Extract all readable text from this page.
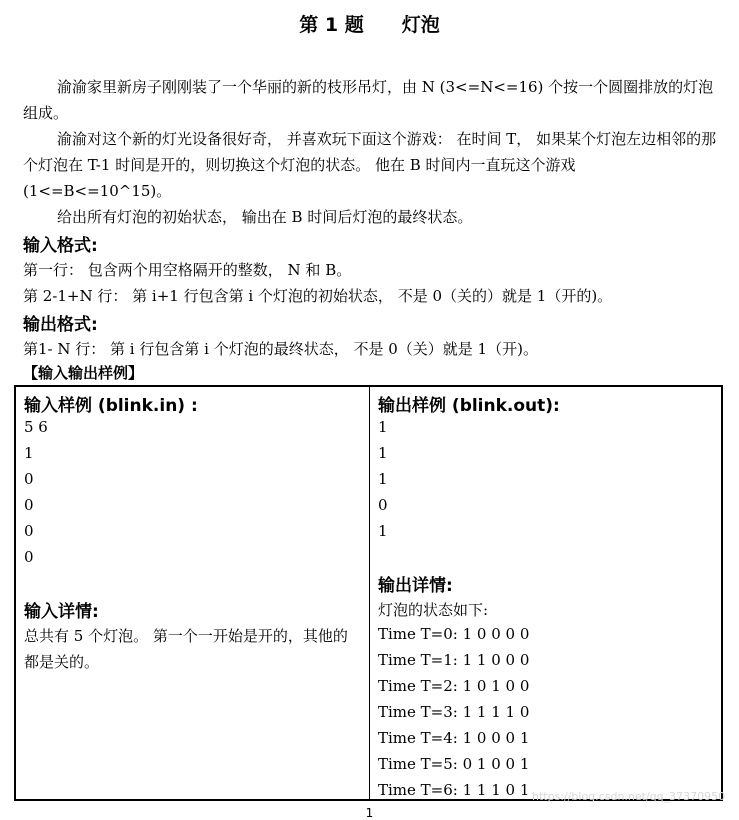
第 1 题 灯泡

渝渝家里新房子刚刚装了一个华丽的新的枝形吊灯，由 N (3<=N<=16) 个按一个圆圈排放的灯泡组成。

渝渝对这个新的灯光设备很好奇， 并喜欢玩下面这个游戏： 在时间 T， 如果某个灯泡左边相邻的那个灯泡在 T-1 时间是开的，则切换这个灯泡的状态。 他在 B 时间内一直玩这个游戏 (1<=B<=10^15)。

给出所有灯泡的初始状态， 输出在 B 时间后灯泡的最终状态。

输入格式:

第一行： 包含两个用空格隔开的整数， N 和 B。

第 2-1+N 行： 第 i+1 行包含第 i 个灯泡的初始状态， 不是 0（关的）就是 1（开的)。

输出格式:

第1- N 行： 第 i 行包含第 i 个灯泡的最终状态， 不是 0（关）就是 1（开)。

【输入输出样例】

输入样例 (blink.in) :

5 6

1

0

0

0

0

输入详情:

总共有 5 个灯泡。 第一个一开始是开的，其他的都是关的。

输出样例 (blink.out):

1

1

1

0

1

输出详情:

灯泡的状态如下:

Time T=0: 1 0 0 0 0

Time T=1: 1 1 0 0 0

Time T=2: 1 0 1 0 0

Time T=3: 1 1 1 1 0

Time T=4: 1 0 0 0 1

Time T=5: 0 1 0 0 1

Time T=6: 1 1 1 0 1 https://blog.csdn.net/qq_37370950
1
